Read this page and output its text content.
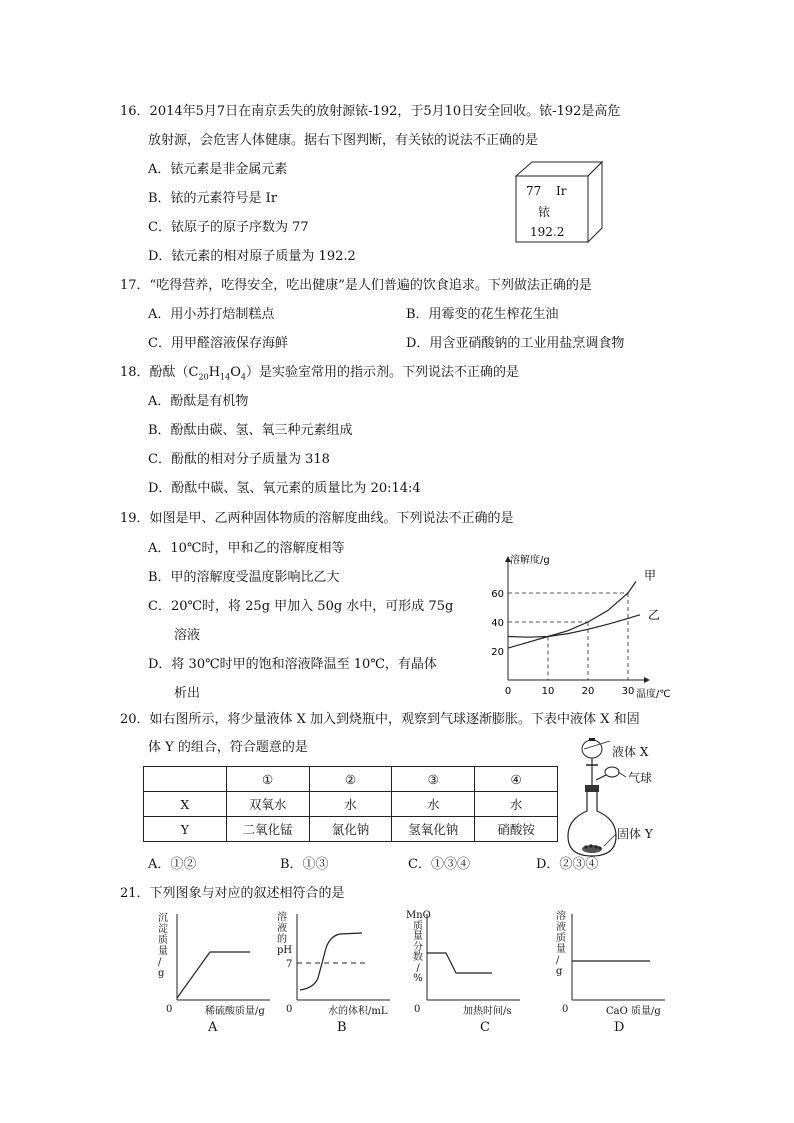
16．2014年5月7日在南京丢失的放射源铱-192，于5月10日安全回收。铱-192是高危
放射源，会危害人体健康。据右下图判断，有关铱的说法不正确的是
A．铱元素是非金属元素
B．铱的元素符号是 Ir
C．铱原子的原子序数为 77
D．铱元素的相对原子质量为 192.2
77 Ir
铱
192.2
17．“吃得营养，吃得安全，吃出健康”是人们普遍的饮食追求。下列做法正确的是
A．用小苏打焙制糕点	B．用霉变的花生榨花生油
C．用甲醛溶液保存海鲜	D．用含亚硝酸钠的工业用盐烹调食物
18．酚酞$(C_{20}H_{14}O_4)$是实验室常用的指示剂。下列说法不正确的是
A．酚酞是有机物
B．酚酞由碳、氢、氧三种元素组成
C．酚酞的相对分子质量为 318
D．酚酞中碳、氢、氧元素的质量比为 20:14:4
19．如图是甲、乙两种固体物质的溶解度曲线。下列说法不正确的是
A．10℃时，甲和乙的溶解度相等
B．甲的溶解度受温度影响比乙大
C．20℃时，将 25g 甲加入 50g 水中，可形成 75g
溶液
D．将 30℃时甲的饱和溶液降温至 10℃，有晶体
析出
溶解度/g
温度/℃
0	10	20	30
20
40
60
甲
乙
20．如右图所示，将少量液体 X 加入到烧瓶中，观察到气球逐渐膨胀。下表中液体 X 和固
体 Y 的组合，符合题意的是
	①	②	③	④
X	双氧水	水	水	水
Y	二氧化锰	氯化钠	氢氧化钠	硝酸铵
A．①②	B．①③	C．①③④	D．②③④
液体 X
气球
固体 Y
21．下列图象与对应的叙述相符合的是
沉
淀
质
量
/
g
0	稀硫酸质量/g
A
溶
液
的
pH
7
0	水的体积/mL
B
MnO
质
量
分
数
/
%
0	加热时间/s
C
溶
液
质
量
/
g
0	CaO 质量/g
D
